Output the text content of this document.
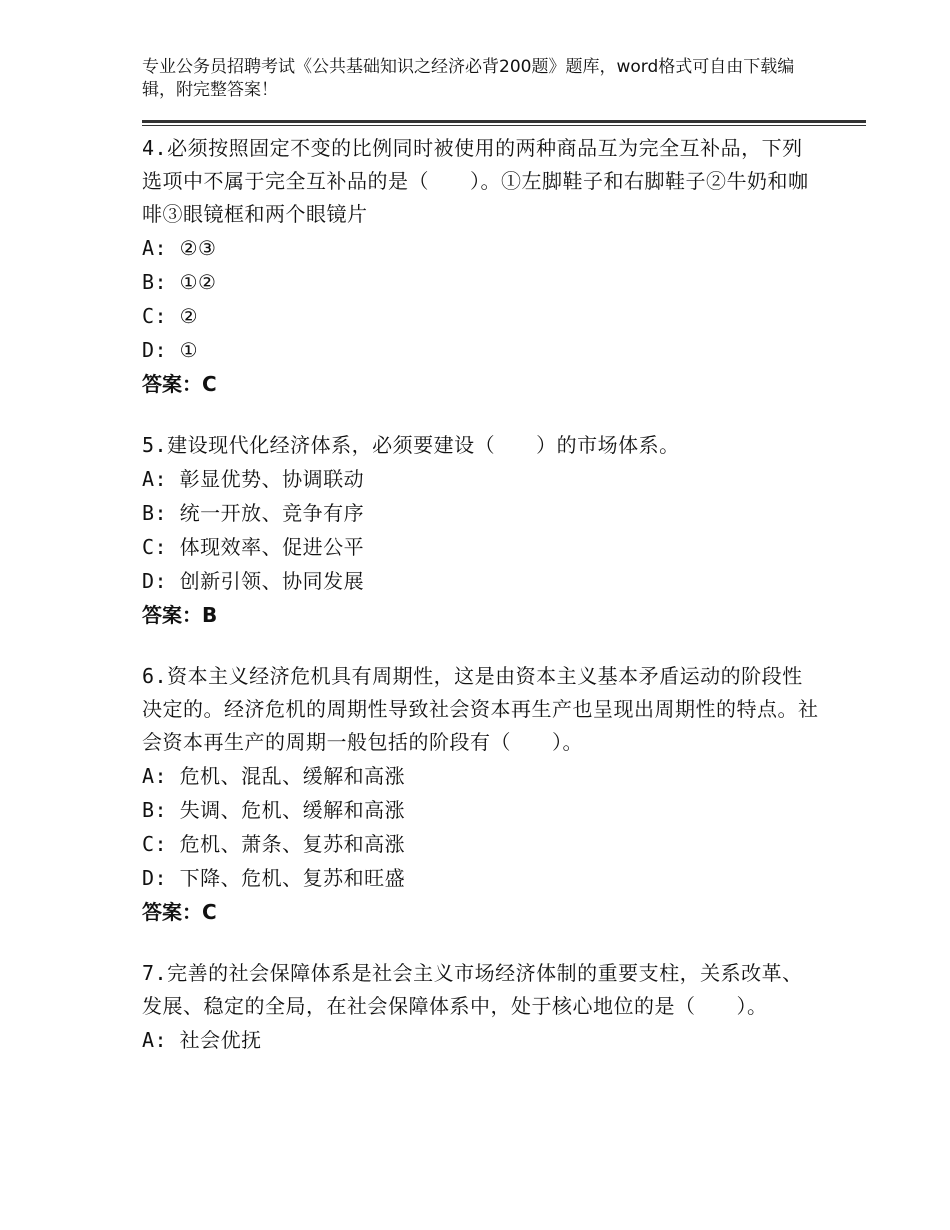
专业公务员招聘考试《公共基础知识之经济必背200题》题库，word格式可自由下载编辑，附完整答案！

4.必须按照固定不变的比例同时被使用的两种商品互为完全互补品，下列选项中不属于完全互补品的是（　　）。①左脚鞋子和右脚鞋子②牛奶和咖啡③眼镜框和两个眼镜片

A: ②③

B: ①②

C: ②

D: ①

答案：C

5.建设现代化经济体系，必须要建设（　　）的市场体系。

A: 彰显优势、协调联动

B: 统一开放、竞争有序

C: 体现效率、促进公平

D: 创新引领、协同发展

答案：B

6.资本主义经济危机具有周期性，这是由资本主义基本矛盾运动的阶段性决定的。经济危机的周期性导致社会资本再生产也呈现出周期性的特点。社会资本再生产的周期一般包括的阶段有（　　）。

A: 危机、混乱、缓解和高涨

B: 失调、危机、缓解和高涨

C: 危机、萧条、复苏和高涨

D: 下降、危机、复苏和旺盛

答案：C

7.完善的社会保障体系是社会主义市场经济体制的重要支柱，关系改革、发展、稳定的全局，在社会保障体系中，处于核心地位的是（　　）。

A: 社会优抚
